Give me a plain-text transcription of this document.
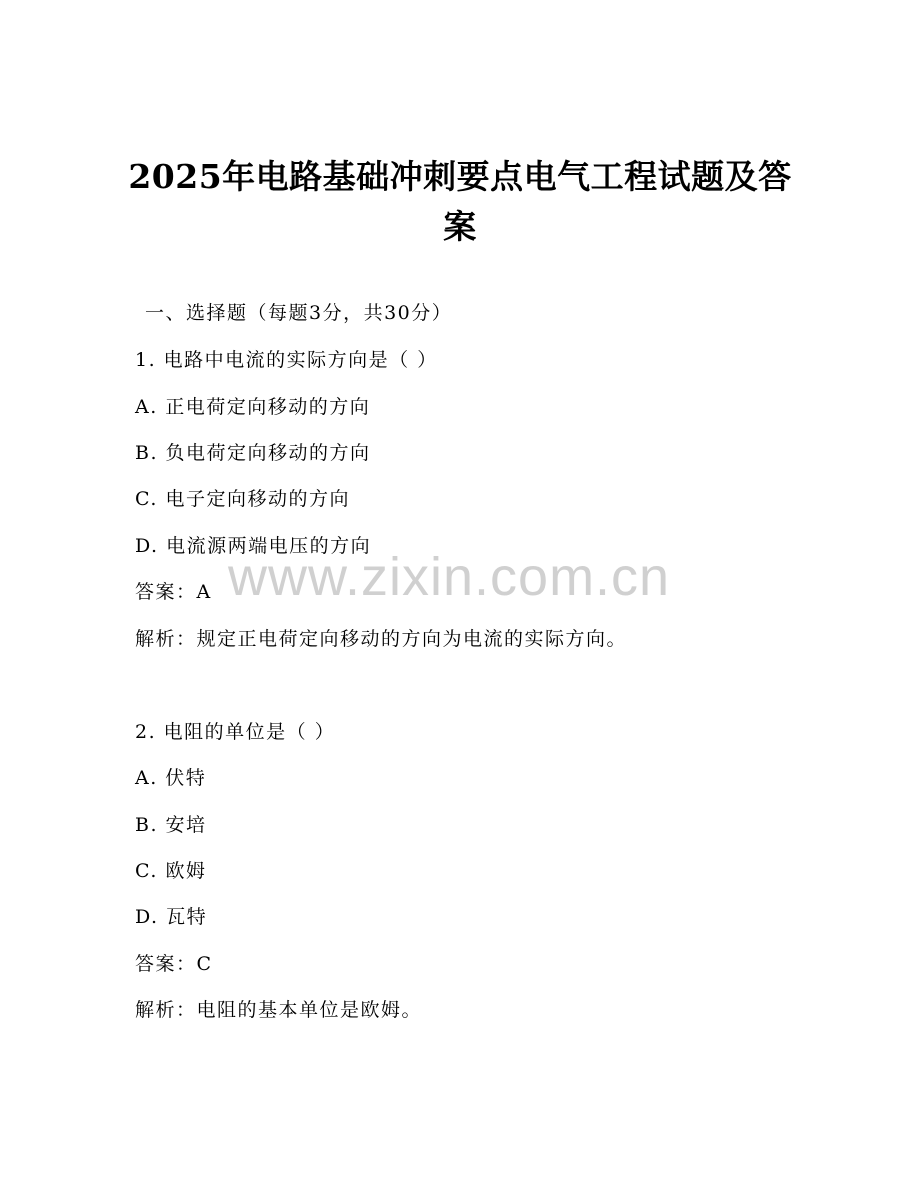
2025年电路基础冲刺要点电气工程试题及答案
一、选择题（每题3分，共30分）
1. 电路中电流的实际方向是（ ）
A. 正电荷定向移动的方向
B. 负电荷定向移动的方向
C. 电子定向移动的方向
D. 电流源两端电压的方向
答案：A
解析：规定正电荷定向移动的方向为电流的实际方向。
2. 电阻的单位是（ ）
A. 伏特
B. 安培
C. 欧姆
D. 瓦特
答案：C
解析：电阻的基本单位是欧姆。
www.zixin.com.cn
